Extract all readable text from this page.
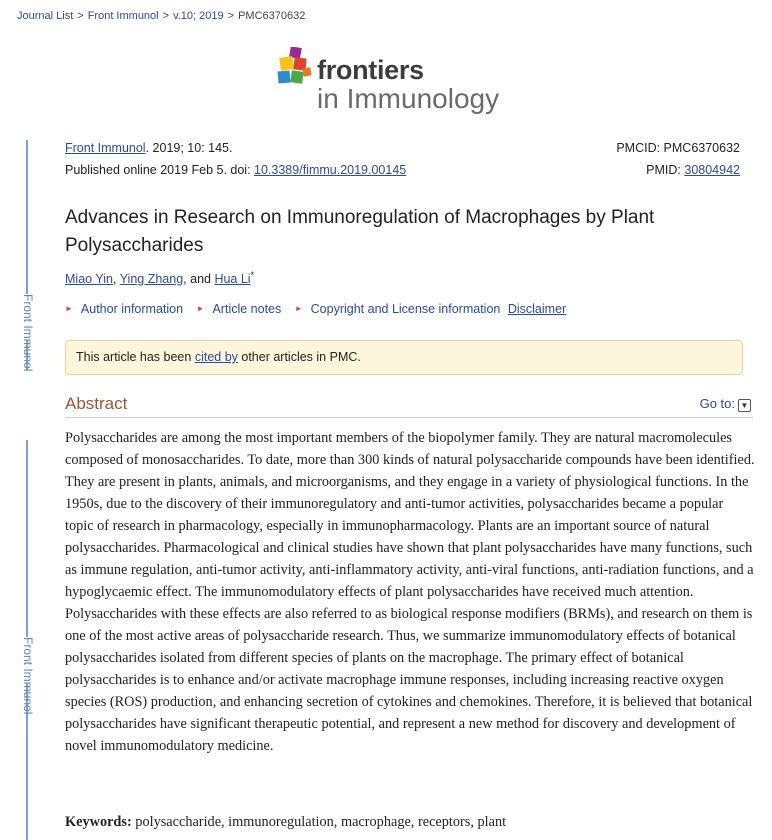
Journal List > Front Immunol > v.10; 2019 > PMC6370632
frontiers
in Immunology
Front Immunol
Front Immunol
Front Immunol. 2019; 10: 145.	PMCID: PMC6370632
Published online 2019 Feb 5. doi: 10.3389/fimmu.2019.00145	PMID: 30804942
Advances in Research on Immunoregulation of Macrophages by Plant Polysaccharides
Miao Yin, Ying Zhang, and Hua Li*
► Author information ► Article notes ► Copyright and License information Disclaimer
This article has been cited by other articles in PMC.
Abstract	Go to: ▼

Polysaccharides are among the most important members of the biopolymer family. They are natural macromolecules composed of monosaccharides. To date, more than 300 kinds of natural polysaccharide compounds have been identified. They are present in plants, animals, and microorganisms, and they engage in a variety of physiological functions. In the 1950s, due to the discovery of their immunoregulatory and anti-tumor activities, polysaccharides became a popular topic of research in pharmacology, especially in immunopharmacology. Plants are an important source of natural polysaccharides. Pharmacological and clinical studies have shown that plant polysaccharides have many functions, such as immune regulation, anti-tumor activity, anti-inflammatory activity, anti-viral functions, anti-radiation functions, and a hypoglycaemic effect. The immunomodulatory effects of plant polysaccharides have received much attention. Polysaccharides with these effects are also referred to as biological response modifiers (BRMs), and research on them is one of the most active areas of polysaccharide research. Thus, we summarize immunomodulatory effects of botanical polysaccharides isolated from different species of plants on the macrophage. The primary effect of botanical polysaccharides is to enhance and/or activate macrophage immune responses, including increasing reactive oxygen species (ROS) production, and enhancing secretion of cytokines and chemokines. Therefore, it is believed that botanical polysaccharides have significant therapeutic potential, and represent a new method for discovery and development of novel immunomodulatory medicine.

Keywords: polysaccharide, immunoregulation, macrophage, receptors, plant
